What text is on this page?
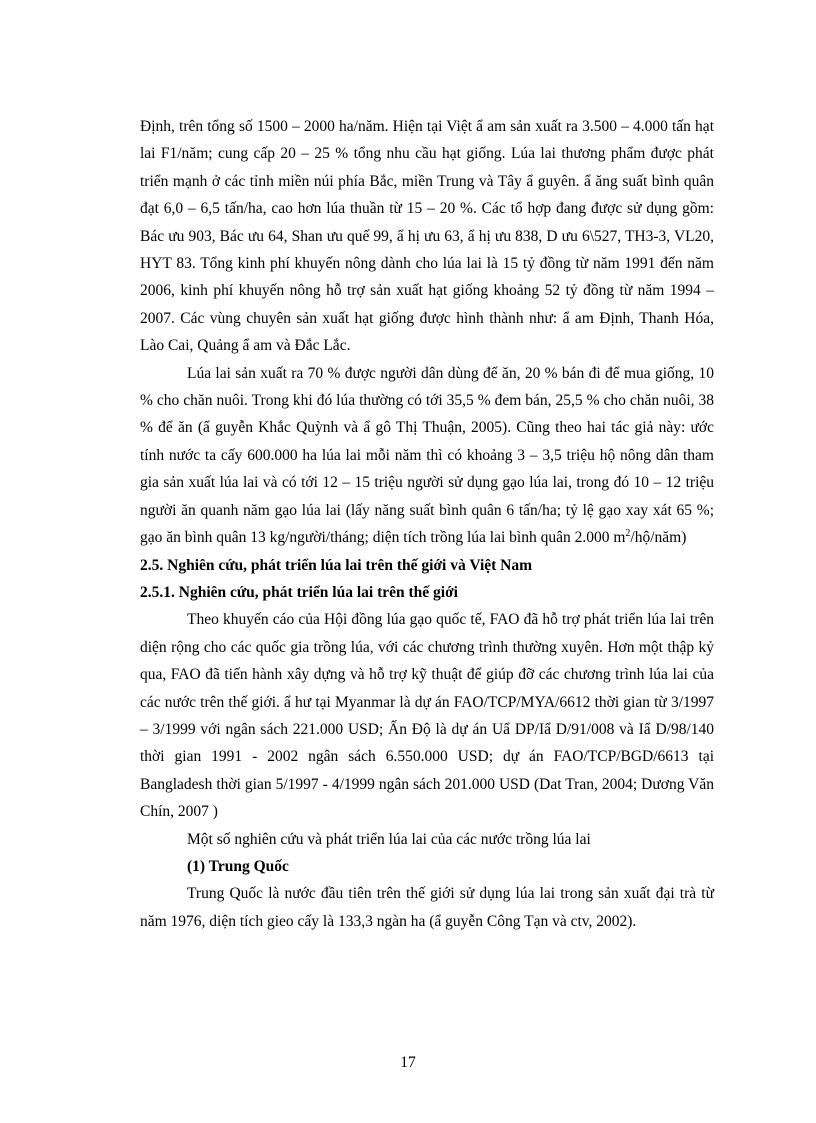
Định, trên tổng số 1500 – 2000 ha/năm. Hiện tại Việt ẩ am sản xuất ra 3.500 – 4.000 tấn hạt lai F1/năm; cung cấp 20 – 25 % tổng nhu cầu hạt giống. Lúa lai thương phẩm được phát triển mạnh ở các tỉnh miền núi phía Bắc, miền Trung và Tây ẩ guyên. ẩ ăng suất bình quân đạt 6,0 – 6,5 tấn/ha, cao hơn lúa thuần từ 15 – 20 %. Các tổ hợp đang được sử dụng gồm: Bác ưu 903, Bác ưu 64, Shan ưu quế 99, ẩ hị ưu 63, ẩ hị ưu 838, D ưu 6\527, TH3-3, VL20, HYT 83. Tổng kinh phí khuyến nông dành cho lúa lai là 15 tỷ đồng từ năm 1991 đến năm 2006, kinh phí khuyến nông hỗ trợ sản xuất hạt giống khoảng 52 tỷ đồng từ năm 1994 – 2007. Các vùng chuyên sản xuất hạt giống được hình thành như: ẩ am Định, Thanh Hóa, Lào Cai, Quảng ẩ am và Đắc Lắc.

Lúa lai sản xuất ra 70 % được người dân dùng để ăn, 20 % bán đi để mua giống, 10 % cho chăn nuôi. Trong khi đó lúa thường có tới 35,5 % đem bán, 25,5 % cho chăn nuôi, 38 % để ăn (ẩ guyễn Khắc Quỳnh và ẩ gô Thị Thuận, 2005). Cũng theo hai tác giả này: ước tính nước ta cấy 600.000 ha lúa lai mỗi năm thì có khoảng 3 – 3,5 triệu hộ nông dân tham gia sản xuất lúa lai và có tới 12 – 15 triệu người sử dụng gạo lúa lai, trong đó 10 – 12 triệu người ăn quanh năm gạo lúa lai (lấy năng suất bình quân 6 tấn/ha; tỷ lệ gạo xay xát 65 %; gạo ăn bình quân 13 kg/người/tháng; diện tích trồng lúa lai bình quân 2.000 $m^2/hộ/năm$)

2.5. Nghiên cứu, phát triển lúa lai trên thế giới và Việt Nam

2.5.1. Nghiên cứu, phát triển lúa lai trên thế giới

Theo khuyến cáo của Hội đồng lúa gạo quốc tế, FAO đã hỗ trợ phát triển lúa lai trên diện rộng cho các quốc gia trồng lúa, với các chương trình thường xuyên. Hơn một thập kỷ qua, FAO đã tiến hành xây dựng và hỗ trợ kỹ thuật để giúp đỡ các chương trình lúa lai của các nước trên thế giới. ẩ hư tại Myanmar là dự án FAO/TCP/MYA/6612 thời gian từ 3/1997 – 3/1999 với ngân sách 221.000 USD; Ấn Độ là dự án Uẩ DP/Iẩ D/91/008 và Iẩ D/98/140 thời gian 1991 - 2002 ngân sách 6.550.000 USD; dự án FAO/TCP/BGD/6613 tại Bangladesh thời gian 5/1997 - 4/1999 ngân sách 201.000 USD (Dat Tran, 2004; Dương Văn Chín, 2007 )

Một số nghiên cứu và phát triển lúa lai của các nước trồng lúa lai

(1) Trung Quốc

Trung Quốc là nước đầu tiên trên thế giới sử dụng lúa lai trong sản xuất đại trà từ năm 1976, diện tích gieo cấy là 133,3 ngàn ha (ẩ guyễn Công Tạn và ctv, 2002).

17
